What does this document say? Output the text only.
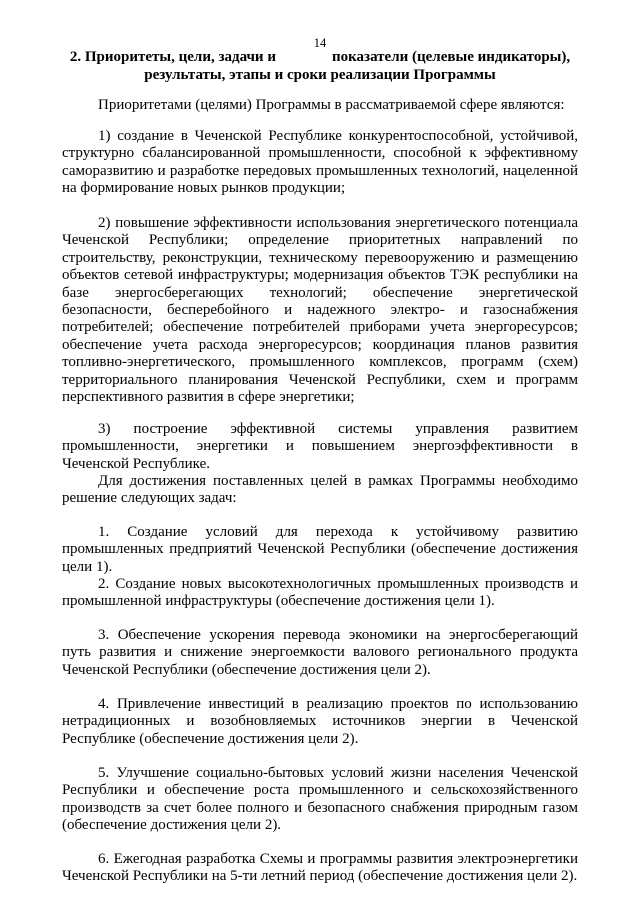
14
2. Приоритеты, цели, задачи и	показатели (целевые индикаторы),
результаты, этапы и сроки реализации Программы

Приоритетами (целями) Программы в рассматриваемой сфере являются:

1) создание в Чеченской Республике конкурентоспособной, устойчивой, структурно сбалансированной промышленности, способной к эффективному саморазвитию и разработке передовых промышленных технологий, нацеленной на формирование новых рынков продукции;

2) повышение эффективности использования энергетического потенциала Чеченской Республики; определение приоритетных направлений по строительству, реконструкции, техническому перевооружению и размещению объектов сетевой инфраструктуры; модернизация объектов ТЭК республики на базе энергосберегающих технологий; обеспечение энергетической безопасности, бесперебойного и надежного электро- и газоснабжения потребителей; обеспечение потребителей приборами учета энергоресурсов; обеспечение учета расхода энергоресурсов; координация планов развития топливно-энергетического, промышленного комплексов, программ (схем) территориального планирования Чеченской Республики, схем и программ перспективного развития в сфере энергетики;

3) построение эффективной системы управления развитием промышленности, энергетики и повышением энергоэффективности в Чеченской Республике.

Для достижения поставленных целей в рамках Программы необходимо решение следующих задач:

1. Создание условий для перехода к устойчивому развитию промышленных предприятий Чеченской Республики (обеспечение достижения цели 1).

2. Создание новых высокотехнологичных промышленных производств и промышленной инфраструктуры (обеспечение достижения цели 1).

3. Обеспечение ускорения перевода экономики на энергосберегающий путь развития и снижение энергоемкости валового регионального продукта Чеченской Республики (обеспечение достижения цели 2).

4. Привлечение инвестиций в реализацию проектов по использованию нетрадиционных и возобновляемых источников энергии в Чеченской Республике (обеспечение достижения цели 2).

5. Улучшение социально-бытовых условий жизни населения Чеченской Республики и обеспечение роста промышленного и сельскохозяйственного производств за счет более полного и безопасного снабжения природным газом (обеспечение достижения цели 2).

6. Ежегодная разработка Схемы и программы развития электроэнергетики Чеченской Республики на 5-ти летний период (обеспечение достижения цели 2).
